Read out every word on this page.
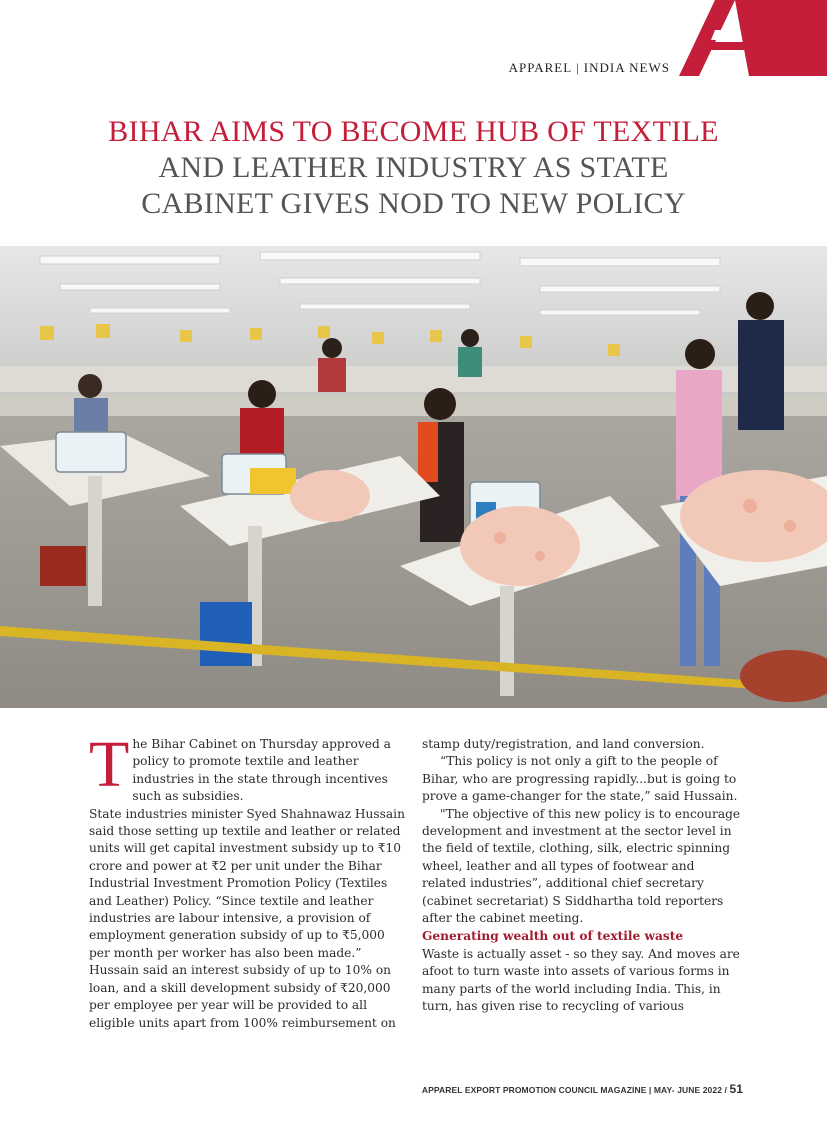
APPAREL | INDIA NEWS
BIHAR AIMS TO BECOME HUB OF TEXTILE
AND LEATHER INDUSTRY AS STATE
CABINET GIVES NOD TO NEW POLICY

The Bihar Cabinet on Thursday approved a policy to promote textile and leather industries in the state through incentives such as subsidies.

State industries minister Syed Shahnawaz Hussain said those setting up textile and leather or related units will get capital investment subsidy up to ₹10 crore and power at ₹2 per unit under the Bihar Industrial Investment Promotion Policy (Textiles and Leather) Policy. “Since textile and leather industries are labour intensive, a provision of employment generation subsidy of up to ₹5,000 per month per worker has also been made.”

Hussain said an interest subsidy of up to 10% on loan, and a skill development subsidy of ₹20,000 per employee per year will be provided to all eligible units apart from 100% reimbursement on

stamp duty/registration, and land conversion.

“This policy is not only a gift to the people of Bihar, who are progressing rapidly...but is going to prove a game-changer for the state,” said Hussain.

"The objective of this new policy is to encourage development and investment at the sector level in the field of textile, clothing, silk, electric spinning wheel, leather and all types of footwear and related industries”, additional chief secretary (cabinet secretariat) S Siddhartha told reporters after the cabinet meeting.

Generating wealth out of textile waste

Waste is actually asset - so they say. And moves are afoot to turn waste into assets of various forms in many parts of the world including India. This, in turn, has given rise to recycling of various

APPAREL EXPORT PROMOTION COUNCIL MAGAZINE | MAY- JUNE 2022 / 51
